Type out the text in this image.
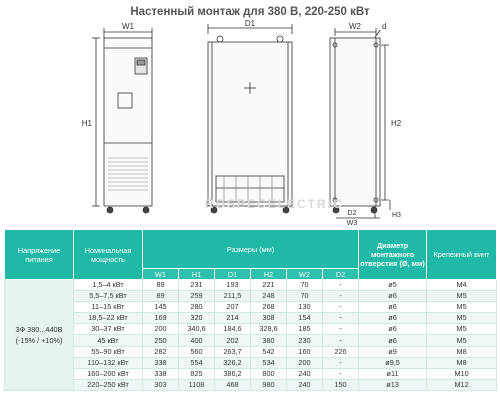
Настенный монтаж для 380 В, 220-250 кВт
W1
H1
D1	W2	d
H2
D2
W3
H3
ROSPECELECTRIC
Напряжение питания	Номинальная мощность	Размеры (мм)						Диаметр монтажного отверстия (Ø, мм)	Крепежный винт
		W1	H1	D1	H2	W2	D2		
3Ф 380...440В (-15% / +10%)	1,5–4 кВт	89	231	193	221	70	-	ø5	M4
	5,5–7,5 кВт	89	259	211,5	248	70	-	ø6	M5
	11–15 кВт	145	280	207	268	130	-	ø6	M5
	18,5–22 кВт	169	320	214	308	154	-	ø6	M5
	30–37 кВт	200	340,6	184,6	328,6	185	-	ø6	M5
	45 кВт	250	400	202	380	230	-	ø6	M5
	55–90 кВт	282	560	263,7	542	160	226	ø9	M8
	110–132 кВт	338	554	326,2	534	200	-	ø9,5	M8
	160–200 кВт	338	825	386,2	800	240	-	ø11	M10
	220–250 кВт	303	1108	468	980	240	150	ø13	M12
